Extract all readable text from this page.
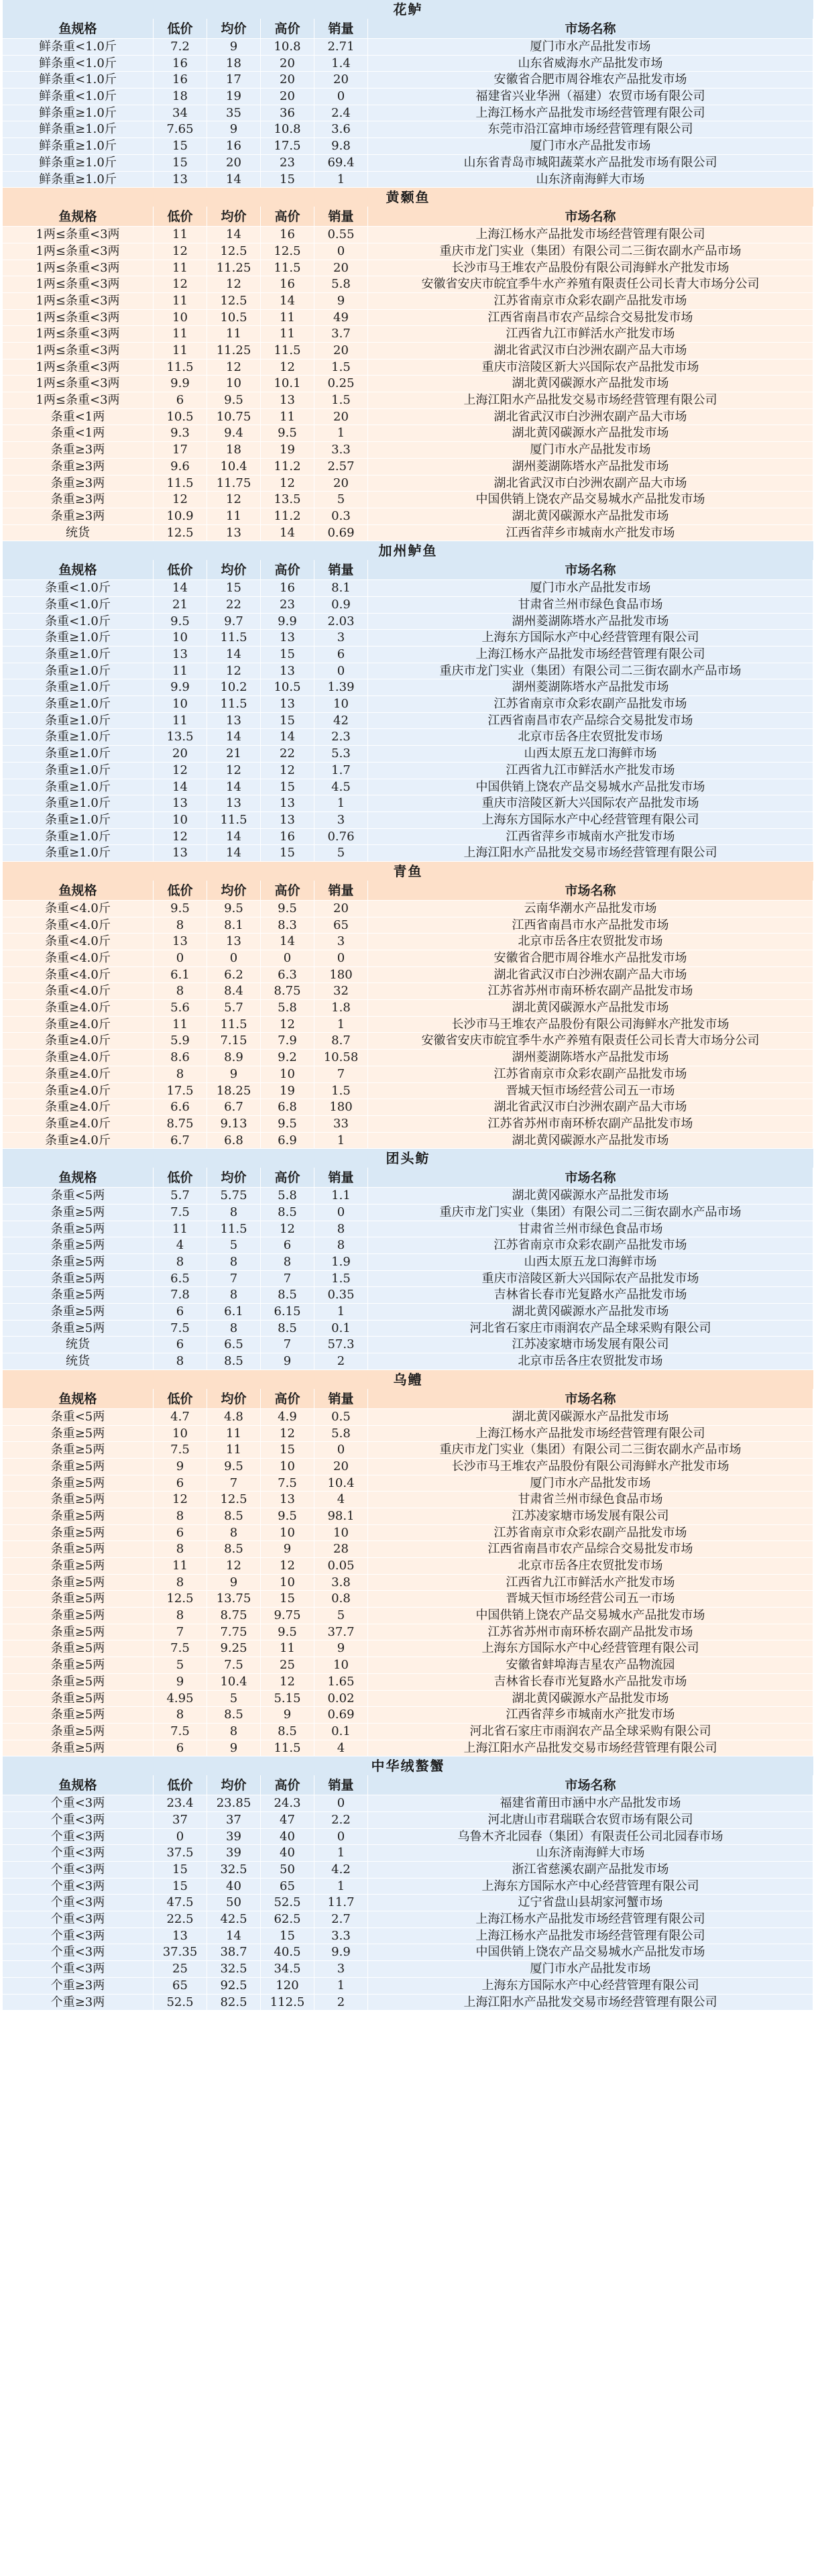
花鲈
鱼规格	低价	均价	高价	销量	市场名称
鲜条重<1.0斤	7.2	9	10.8	2.71	厦门市水产品批发市场
鲜条重<1.0斤	16	18	20	1.4	山东省威海水产品批发市场
鲜条重<1.0斤	16	17	20	20	安徽省合肥市周谷堆农产品批发市场
鲜条重<1.0斤	18	19	20	0	福建省兴业华洲（福建）农贸市场有限公司
鲜条重≥1.0斤	34	35	36	2.4	上海江杨水产品批发市场经营管理有限公司
鲜条重≥1.0斤	7.65	9	10.8	3.6	东莞市沿江富坤市场经营管理有限公司
鲜条重≥1.0斤	15	16	17.5	9.8	厦门市水产品批发市场
鲜条重≥1.0斤	15	20	23	69.4	山东省青岛市城阳蔬菜水产品批发市场有限公司
鲜条重≥1.0斤	13	14	15	1	山东济南海鲜大市场
黄颡鱼
鱼规格	低价	均价	高价	销量	市场名称
1两≤条重<3两	11	14	16	0.55	上海江杨水产品批发市场经营管理有限公司
1两≤条重<3两	12	12.5	12.5	0	重庆市龙门实业（集团）有限公司二三街农副水产品市场
1两≤条重<3两	11	11.25	11.5	20	长沙市马王堆农产品股份有限公司海鲜水产批发市场
1两≤条重<3两	12	12	16	5.8	安徽省安庆市皖宜季牛水产养殖有限责任公司长青大市场分公司
1两≤条重<3两	11	12.5	14	9	江苏省南京市众彩农副产品批发市场
1两≤条重<3两	10	10.5	11	49	江西省南昌市农产品综合交易批发市场
1两≤条重<3两	11	11	11	3.7	江西省九江市鲜活水产批发市场
1两≤条重<3两	11	11.25	11.5	20	湖北省武汉市白沙洲农副产品大市场
1两≤条重<3两	11.5	12	12	1.5	重庆市涪陵区新大兴国际农产品批发市场
1两≤条重<3两	9.9	10	10.1	0.25	湖北黄冈碳源水产品批发市场
1两≤条重<3两	6	9.5	13	1.5	上海江阳水产品批发交易市场经营管理有限公司
条重<1两	10.5	10.75	11	20	湖北省武汉市白沙洲农副产品大市场
条重<1两	9.3	9.4	9.5	1	湖北黄冈碳源水产品批发市场
条重≥3两	17	18	19	3.3	厦门市水产品批发市场
条重≥3两	9.6	10.4	11.2	2.57	湖州菱湖陈塔水产品批发市场
条重≥3两	11.5	11.75	12	20	湖北省武汉市白沙洲农副产品大市场
条重≥3两	12	12	13.5	5	中国供销上饶农产品交易城水产品批发市场
条重≥3两	10.9	11	11.2	0.3	湖北黄冈碳源水产品批发市场
统货	12.5	13	14	0.69	江西省萍乡市城南水产批发市场
加州鲈鱼
鱼规格	低价	均价	高价	销量	市场名称
条重<1.0斤	14	15	16	8.1	厦门市水产品批发市场
条重<1.0斤	21	22	23	0.9	甘肃省兰州市绿色食品市场
条重<1.0斤	9.5	9.7	9.9	2.03	湖州菱湖陈塔水产品批发市场
条重≥1.0斤	10	11.5	13	3	上海东方国际水产中心经营管理有限公司
条重≥1.0斤	13	14	15	6	上海江杨水产品批发市场经营管理有限公司
条重≥1.0斤	11	12	13	0	重庆市龙门实业（集团）有限公司二三街农副水产品市场
条重≥1.0斤	9.9	10.2	10.5	1.39	湖州菱湖陈塔水产品批发市场
条重≥1.0斤	10	11.5	13	10	江苏省南京市众彩农副产品批发市场
条重≥1.0斤	11	13	15	42	江西省南昌市农产品综合交易批发市场
条重≥1.0斤	13.5	14	14	2.3	北京市岳各庄农贸批发市场
条重≥1.0斤	20	21	22	5.3	山西太原五龙口海鲜市场
条重≥1.0斤	12	12	12	1.7	江西省九江市鲜活水产批发市场
条重≥1.0斤	14	14	15	4.5	中国供销上饶农产品交易城水产品批发市场
条重≥1.0斤	13	13	13	1	重庆市涪陵区新大兴国际农产品批发市场
条重≥1.0斤	10	11.5	13	3	上海东方国际水产中心经营管理有限公司
条重≥1.0斤	12	14	16	0.76	江西省萍乡市城南水产批发市场
条重≥1.0斤	13	14	15	5	上海江阳水产品批发交易市场经营管理有限公司
青鱼
鱼规格	低价	均价	高价	销量	市场名称
条重<4.0斤	9.5	9.5	9.5	20	云南华潮水产品批发市场
条重<4.0斤	8	8.1	8.3	65	江西省南昌市水产品批发市场
条重<4.0斤	13	13	14	3	北京市岳各庄农贸批发市场
条重<4.0斤	0	0	0	0	安徽省合肥市周谷堆水产品批发市场
条重<4.0斤	6.1	6.2	6.3	180	湖北省武汉市白沙洲农副产品大市场
条重<4.0斤	8	8.4	8.75	32	江苏省苏州市南环桥农副产品批发市场
条重≥4.0斤	5.6	5.7	5.8	1.8	湖北黄冈碳源水产品批发市场
条重≥4.0斤	11	11.5	12	1	长沙市马王堆农产品股份有限公司海鲜水产批发市场
条重≥4.0斤	5.9	7.15	7.9	8.7	安徽省安庆市皖宜季牛水产养殖有限责任公司长青大市场分公司
条重≥4.0斤	8.6	8.9	9.2	10.58	湖州菱湖陈塔水产品批发市场
条重≥4.0斤	8	9	10	7	江苏省南京市众彩农副产品批发市场
条重≥4.0斤	17.5	18.25	19	1.5	晋城天恒市场经营公司五一市场
条重≥4.0斤	6.6	6.7	6.8	180	湖北省武汉市白沙洲农副产品大市场
条重≥4.0斤	8.75	9.13	9.5	33	江苏省苏州市南环桥农副产品批发市场
条重≥4.0斤	6.7	6.8	6.9	1	湖北黄冈碳源水产品批发市场
团头鲂
鱼规格	低价	均价	高价	销量	市场名称
条重<5两	5.7	5.75	5.8	1.1	湖北黄冈碳源水产品批发市场
条重≥5两	7.5	8	8.5	0	重庆市龙门实业（集团）有限公司二三街农副水产品市场
条重≥5两	11	11.5	12	8	甘肃省兰州市绿色食品市场
条重≥5两	4	5	6	8	江苏省南京市众彩农副产品批发市场
条重≥5两	8	8	8	1.9	山西太原五龙口海鲜市场
条重≥5两	6.5	7	7	1.5	重庆市涪陵区新大兴国际农产品批发市场
条重≥5两	7.8	8	8.5	0.35	吉林省长春市光复路水产品批发市场
条重≥5两	6	6.1	6.15	1	湖北黄冈碳源水产品批发市场
条重≥5两	7.5	8	8.5	0.1	河北省石家庄市雨润农产品全球采购有限公司
统货	6	6.5	7	57.3	江苏凌家塘市场发展有限公司
统货	8	8.5	9	2	北京市岳各庄农贸批发市场
乌鳢
鱼规格	低价	均价	高价	销量	市场名称
条重<5两	4.7	4.8	4.9	0.5	湖北黄冈碳源水产品批发市场
条重≥5两	10	11	12	5.8	上海江杨水产品批发市场经营管理有限公司
条重≥5两	7.5	11	15	0	重庆市龙门实业（集团）有限公司二三街农副水产品市场
条重≥5两	9	9.5	10	20	长沙市马王堆农产品股份有限公司海鲜水产批发市场
条重≥5两	6	7	7.5	10.4	厦门市水产品批发市场
条重≥5两	12	12.5	13	4	甘肃省兰州市绿色食品市场
条重≥5两	8	8.5	9.5	98.1	江苏凌家塘市场发展有限公司
条重≥5两	6	8	10	10	江苏省南京市众彩农副产品批发市场
条重≥5两	8	8.5	9	28	江西省南昌市农产品综合交易批发市场
条重≥5两	11	12	12	0.05	北京市岳各庄农贸批发市场
条重≥5两	8	9	10	3.8	江西省九江市鲜活水产批发市场
条重≥5两	12.5	13.75	15	0.8	晋城天恒市场经营公司五一市场
条重≥5两	8	8.75	9.75	5	中国供销上饶农产品交易城水产品批发市场
条重≥5两	7	7.75	9.5	37.7	江苏省苏州市南环桥农副产品批发市场
条重≥5两	7.5	9.25	11	9	上海东方国际水产中心经营管理有限公司
条重≥5两	5	7.5	25	10	安徽省蚌埠海吉星农产品物流园
条重≥5两	9	10.4	12	1.65	吉林省长春市光复路水产品批发市场
条重≥5两	4.95	5	5.15	0.02	湖北黄冈碳源水产品批发市场
条重≥5两	8	8.5	9	0.69	江西省萍乡市城南水产批发市场
条重≥5两	7.5	8	8.5	0.1	河北省石家庄市雨润农产品全球采购有限公司
条重≥5两	6	9	11.5	4	上海江阳水产品批发交易市场经营管理有限公司
中华绒螯蟹
鱼规格	低价	均价	高价	销量	市场名称
个重<3两	23.4	23.85	24.3	0	福建省莆田市涵中水产品批发市场
个重<3两	37	37	47	2.2	河北唐山市君瑞联合农贸市场有限公司
个重<3两	0	39	40	0	乌鲁木齐北园春（集团）有限责任公司北园春市场
个重<3两	37.5	39	40	1	山东济南海鲜大市场
个重<3两	15	32.5	50	4.2	浙江省慈溪农副产品批发市场
个重<3两	15	40	65	1	上海东方国际水产中心经营管理有限公司
个重<3两	47.5	50	52.5	11.7	辽宁省盘山县胡家河蟹市场
个重<3两	22.5	42.5	62.5	2.7	上海江杨水产品批发市场经营管理有限公司
个重<3两	13	14	15	3.3	上海江杨水产品批发市场经营管理有限公司
个重<3两	37.35	38.7	40.5	9.9	中国供销上饶农产品交易城水产品批发市场
个重<3两	25	32.5	34.5	3	厦门市水产品批发市场
个重≥3两	65	92.5	120	1	上海东方国际水产中心经营管理有限公司
个重≥3两	52.5	82.5	112.5	2	上海江阳水产品批发交易市场经营管理有限公司
